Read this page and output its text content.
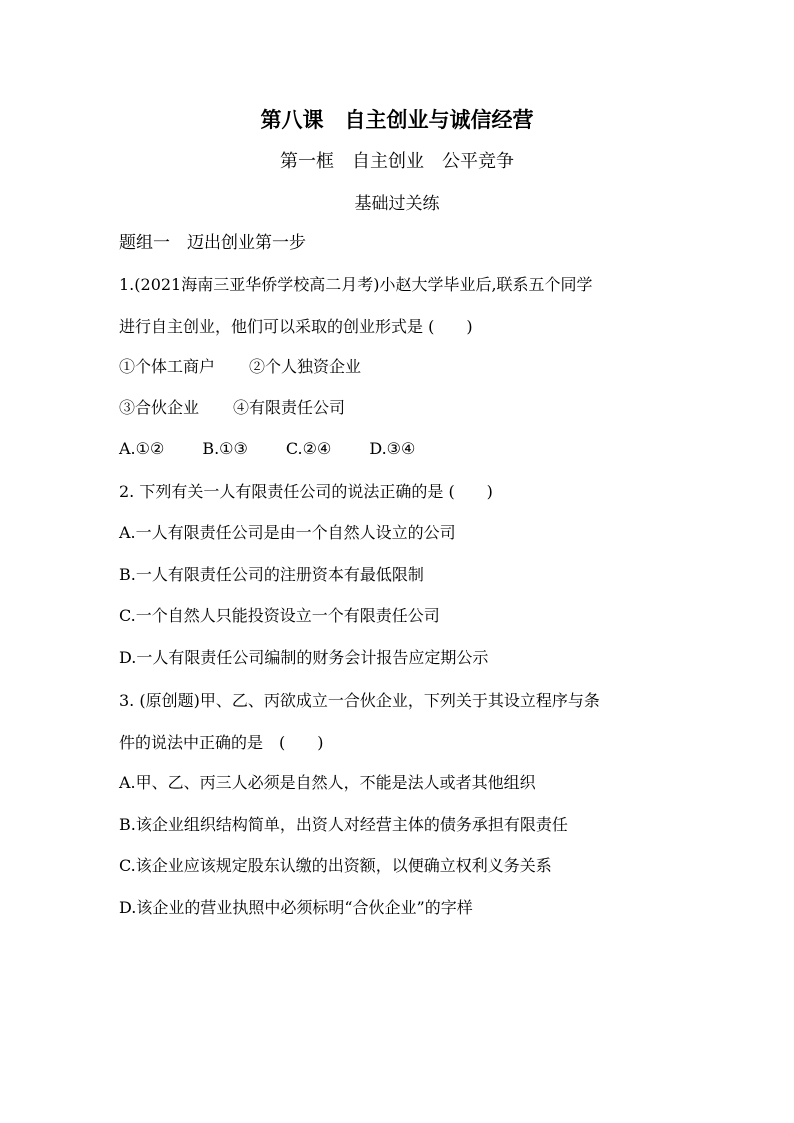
第八课　自主创业与诚信经营
第一框　自主创业　公平竞争
基础过关练
题组一　迈出创业第一步
1.(2021海南三亚华侨学校高二月考)小赵大学毕业后,联系五个同学
进行自主创业，他们可以采取的创业形式是 (　　)
①个体工商户 ②个人独资企业
③合伙企业 ④有限责任公司
A.①② B.①③ C.②④ D.③④
2. 下列有关一人有限责任公司的说法正确的是 (　　)
A.一人有限责任公司是由一个自然人设立的公司
B.一人有限责任公司的注册资本有最低限制
C.一个自然人只能投资设立一个有限责任公司
D.一人有限责任公司编制的财务会计报告应定期公示
3. (原创题)甲、乙、丙欲成立一合伙企业，下列关于其设立程序与条
件的说法中正确的是　(　　)
A.甲、乙、丙三人必须是自然人，不能是法人或者其他组织
B.该企业组织结构简单，出资人对经营主体的债务承担有限责任
C.该企业应该规定股东认缴的出资额，以便确立权利义务关系
D.该企业的营业执照中必须标明“合伙企业”的字样
